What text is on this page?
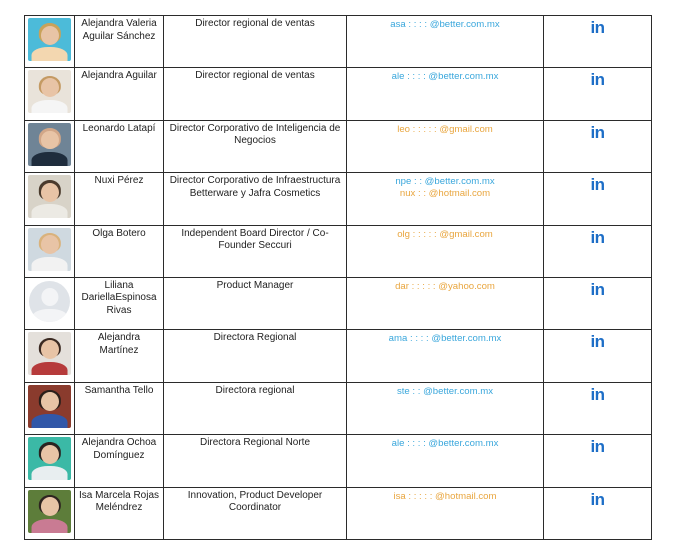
	Alejandra Valeria Aguilar Sánchez	Director regional de ventas	asa : : : : @better.com.mx	in

	Alejandra Aguilar	Director regional de ventas	ale : : : : @better.com.mx	in

	Leonardo Latapí	Director Corporativo de Inteligencia de Negocios	leo : : : : : @gmail.com	in

	Nuxi Pérez	Director Corporativo de Infraestructura Betterware y Jafra Cosmetics	npe : : @better.com.mx
nux : : @hotmail.com	in

	Olga Botero	Independent Board Director / Co-Founder Seccuri	olg : : : : : @gmail.com	in

	Liliana DariellaEspinosa Rivas	Product Manager	dar : : : : : @yahoo.com	in

	Alejandra Martínez	Directora Regional	ama : : : : @better.com.mx	in

	Samantha Tello	Directora regional	ste : : @better.com.mx	in

	Alejandra Ochoa Domínguez	Directora Regional Norte	ale : : : : @better.com.mx	in

	Isa Marcela Rojas Meléndrez	Innovation, Product Developer Coordinator	isa : : : : : @hotmail.com	in
